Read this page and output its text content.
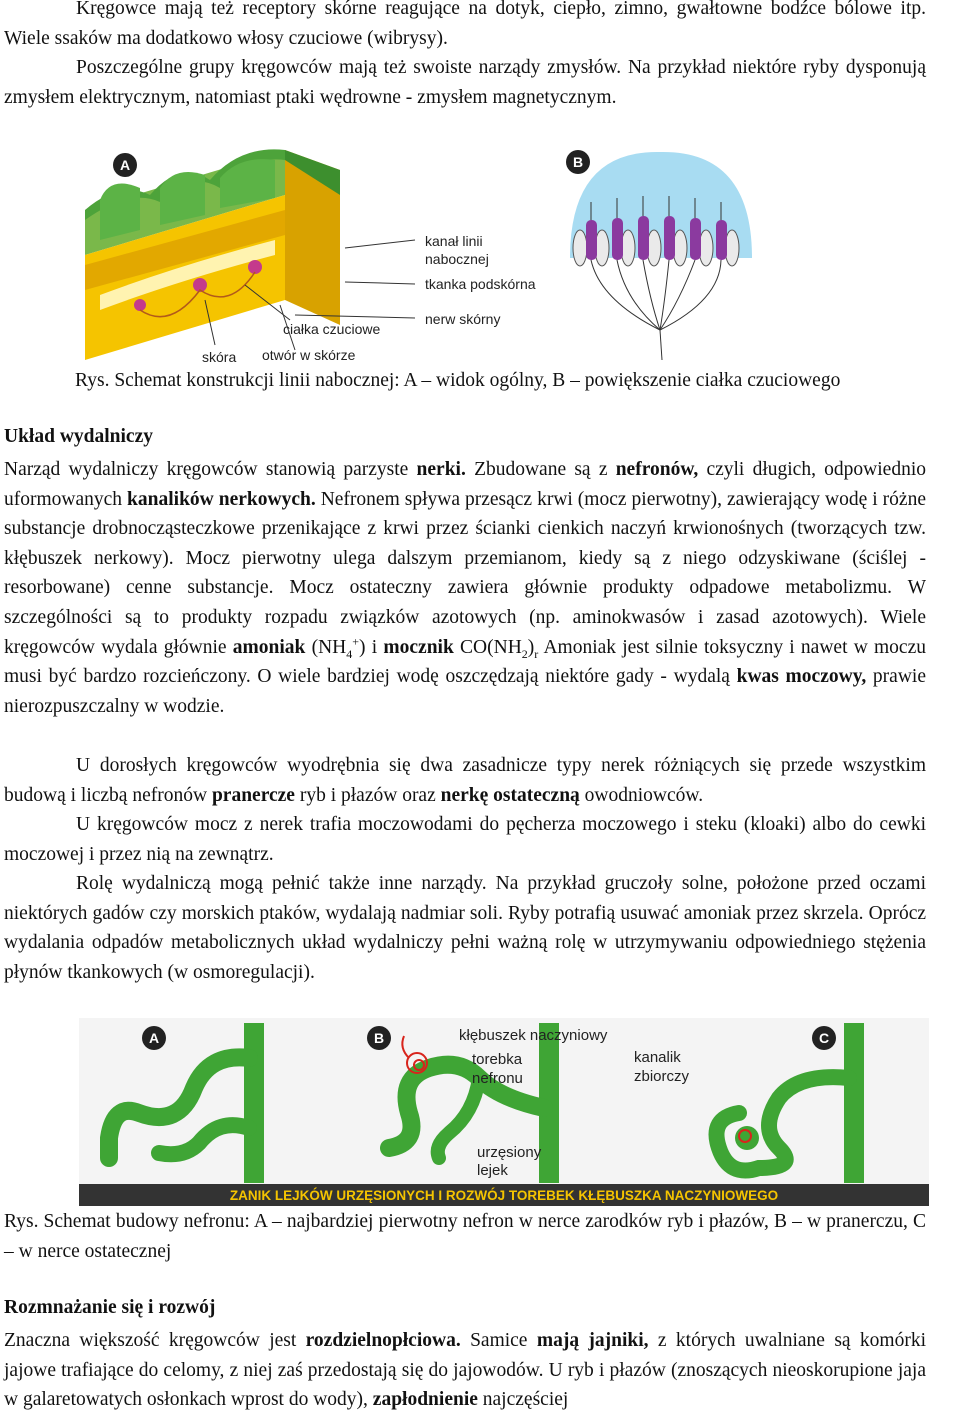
Kręgowce mają też receptory skórne reagujące na dotyk, ciepło, zimno, gwałtowne bodźce bólowe itp. Wiele ssaków ma dodatkowo włosy czuciowe (wibrysy).

Poszczególne grupy kręgowców mają też swoiste narządy zmysłów. Na przykład niektóre ryby dysponują zmysłem elektrycznym, natomiast ptaki wędrowne - zmysłem magnetycznym.

A
kanał linii
nabocznej
tkanka podskórna
nerw skórny
ciałka czuciowe
skóra otwór w skórze
B

Rys. Schemat konstrukcji linii nabocznej: A – widok ogólny, B – powiększenie ciałka czuciowego

Układ wydalniczy

Narząd wydalniczy kręgowców stanowią parzyste nerki. Zbudowane są z nefronów, czyli długich, odpowiednio uformowanych kanalików nerkowych. Nefronem spływa przesącz krwi (mocz pierwotny), zawierający wodę i różne substancje drobnocząsteczkowe przenikające z krwi przez ścianki cienkich naczyń krwionośnych (tworzących tzw. kłębuszek nerkowy). Mocz pierwotny ulega dalszym przemianom, kiedy są z niego odzyskiwane (ściślej -resorbowane) cenne substancje. Mocz ostateczny zawiera głównie produkty odpadowe metabolizmu. W szczególności są to produkty rozpadu związków azotowych (np. aminokwasów i zasad azotowych). Wiele kręgowców wydala głównie amoniak $(NH_4^+)$ i mocznik $CO(NH_2)_r$ Amoniak jest silnie toksyczny i nawet w moczu musi być bardzo rozcieńczony. O wiele bardziej wodę oszczędzają niektóre gady - wydalą kwas moczowy, prawie nierozpuszczalny w wodzie.

U dorosłych kręgowców wyodrębnia się dwa zasadnicze typy nerek różniących się przede wszystkim budową i liczbą nefronów pranercze ryb i płazów oraz nerkę ostateczną owodniowców.

U kręgowców mocz z nerek trafia moczowodami do pęcherza moczowego i steku (kloaki) albo do cewki moczowej i przez nią na zewnątrz.

Rolę wydalniczą mogą pełnić także inne narządy. Na przykład gruczoły solne, położone przed oczami niektórych gadów czy morskich ptaków, wydalają nadmiar soli. Ryby potrafią usuwać amoniak przez skrzela. Oprócz wydalania odpadów metabolicznych układ wydalniczy pełni ważną rolę w utrzymywaniu odpowiedniego stężenia płynów tkankowych (w osmoregulacji).

ZANIK LEJKÓW URZĘSIONYCH I ROZWÓJ TOREBEK KŁĘBUSZKA NACZYNIOWEGO
A	B	kłębuszek naczyniowy
torebka
nefronu
urzęsiony
lejek
C
kanalik
zbiorczy

Rys. Schemat budowy nefronu: A – najbardziej pierwotny nefron w nerce zarodków ryb i płazów, B – w pranerczu, C – w nerce ostatecznej

Rozmnażanie się i rozwój

Znaczna większość kręgowców jest rozdzielnopłciowa. Samice mają jajniki, z których uwalniane są komórki jajowe trafiające do celomy, z niej zaś przedostają się do jajowodów. U ryb i płazów (znoszących nieoskorupione jaja w galaretowatych osłonkach wprost do wody), zapłodnienie najczęściej
